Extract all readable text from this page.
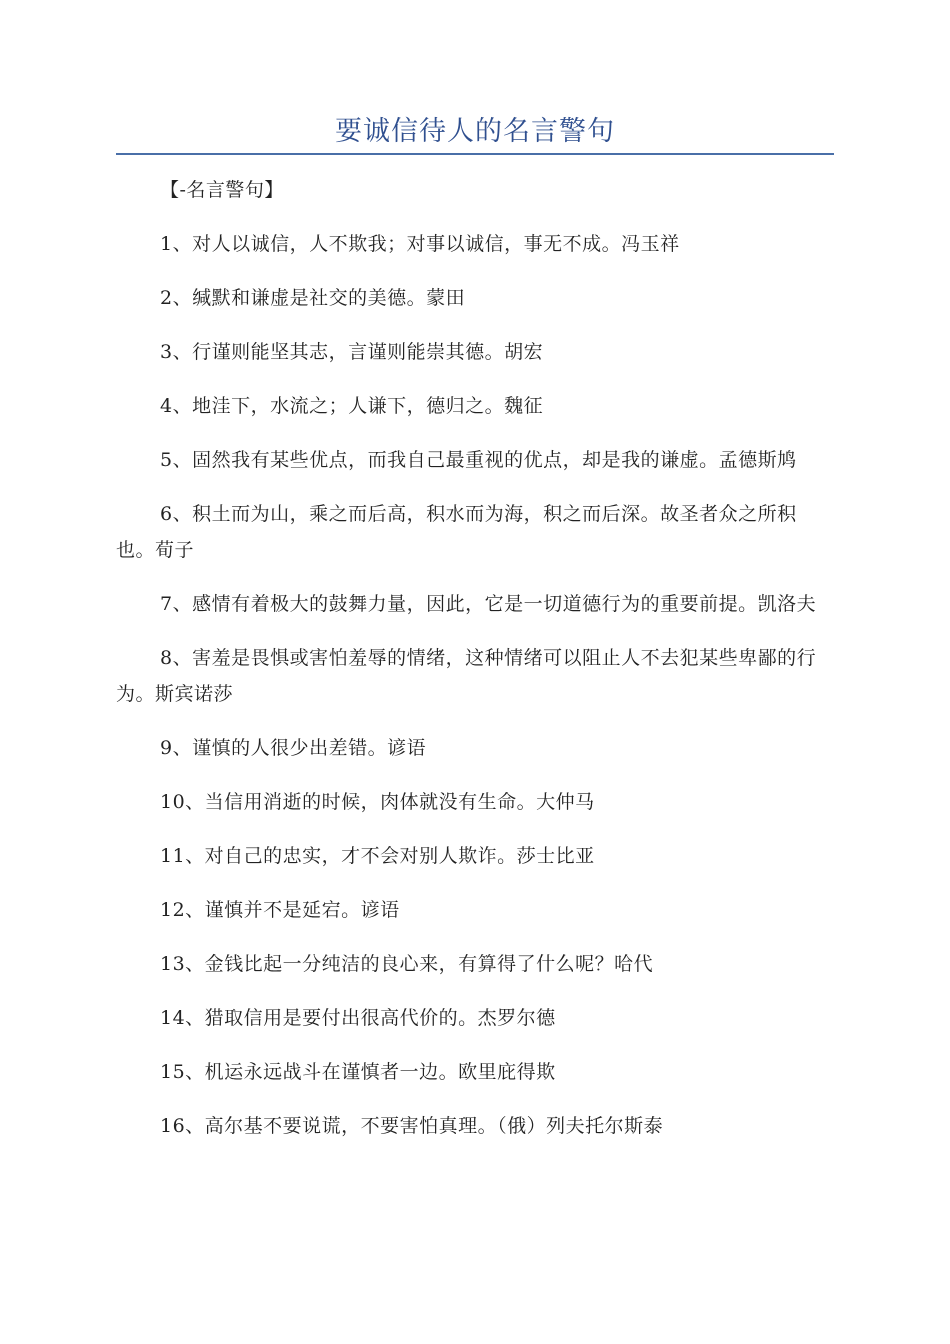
要诚信待人的名言警句

【-名言警句】

1、对人以诚信，人不欺我；对事以诚信，事无不成。冯玉祥

2、缄默和谦虚是社交的美德。蒙田

3、行谨则能坚其志，言谨则能崇其德。胡宏

4、地洼下，水流之；人谦下，德归之。魏征

5、固然我有某些优点，而我自己最重视的优点，却是我的谦虚。孟德斯鸠

6、积土而为山，乘之而后高，积水而为海，积之而后深。故圣者众之所积也。荀子

7、感情有着极大的鼓舞力量，因此，它是一切道德行为的重要前提。凯洛夫

8、害羞是畏惧或害怕羞辱的情绪，这种情绪可以阻止人不去犯某些卑鄙的行为。斯宾诺莎

9、谨慎的人很少出差错。谚语

10、当信用消逝的时候，肉体就没有生命。大仲马

11、对自己的忠实，才不会对别人欺诈。莎士比亚

12、谨慎并不是延宕。谚语

13、金钱比起一分纯洁的良心来，有算得了什么呢？哈代

14、猎取信用是要付出很高代价的。杰罗尔德

15、机运永远战斗在谨慎者一边。欧里庇得欺

16、高尔基不要说谎，不要害怕真理。（俄）列夫托尔斯泰
